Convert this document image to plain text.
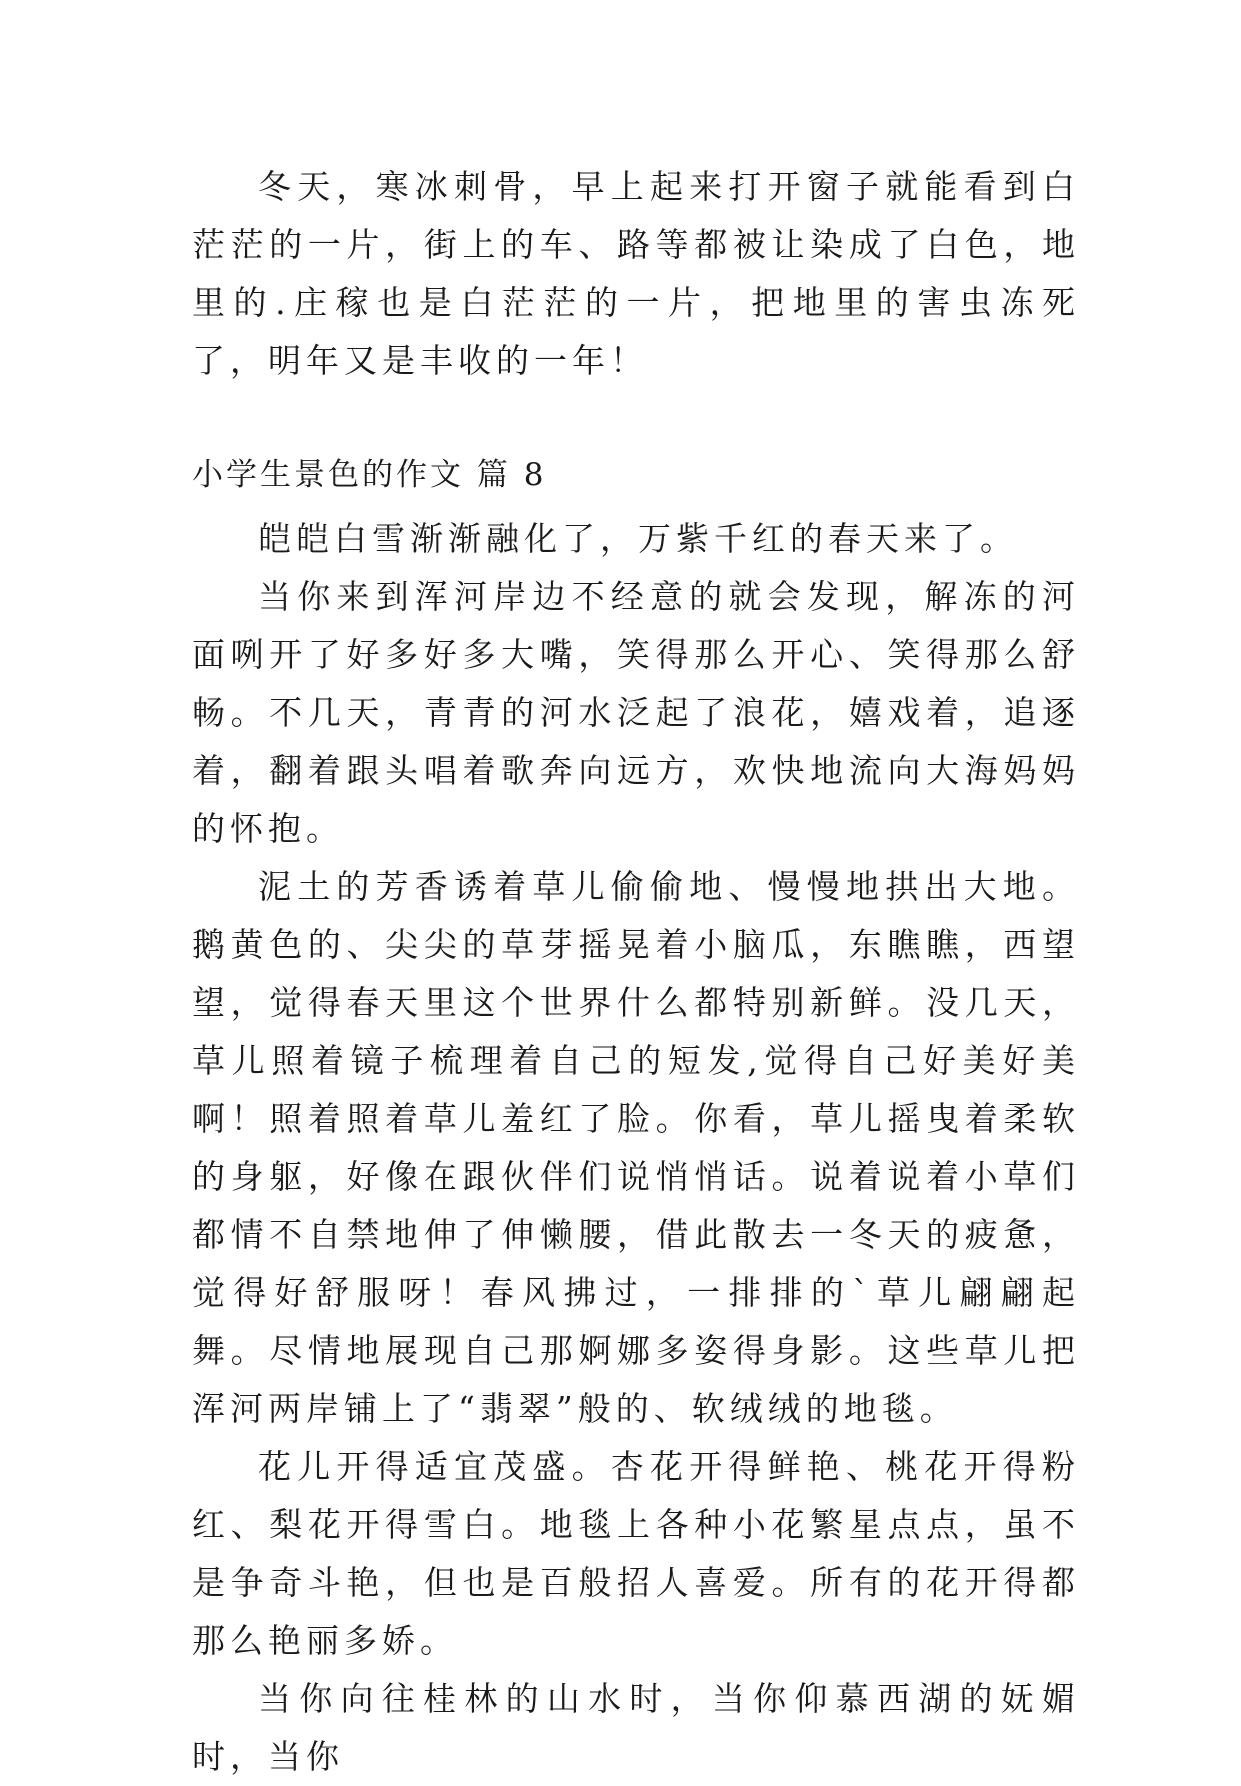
冬天，寒冰刺骨，早上起来打开窗子就能看到白茫茫的一片，街上的车、路等都被让染成了白色，地里的.庄稼也是白茫茫的一片，把地里的害虫冻死了，明年又是丰收的一年！

小学生景色的作文 篇 8

皑皑白雪渐渐融化了，万紫千红的春天来了。

当你来到浑河岸边不经意的就会发现，解冻的河面咧开了好多好多大嘴，笑得那么开心、笑得那么舒畅。不几天，青青的河水泛起了浪花，嬉戏着，追逐着，翻着跟头唱着歌奔向远方，欢快地流向大海妈妈的怀抱。

泥土的芳香诱着草儿偷偷地、慢慢地拱出大地。鹅黄色的、尖尖的草芽摇晃着小脑瓜，东瞧瞧，西望望，觉得春天里这个世界什么都特别新鲜。没几天，草儿照着镜子梳理着自己的短发,觉得自己好美好美啊！照着照着草儿羞红了脸。你看，草儿摇曳着柔软的身躯，好像在跟伙伴们说悄悄话。说着说着小草们都情不自禁地伸了伸懒腰，借此散去一冬天的疲惫，觉得好舒服呀！春风拂过，一排排的`草儿翩翩起舞。尽情地展现自己那婀娜多姿得身影。这些草儿把浑河两岸铺上了“翡翠”般的、软绒绒的地毯。

花儿开得适宜茂盛。杏花开得鲜艳、桃花开得粉红、梨花开得雪白。地毯上各种小花繁星点点，虽不是争奇斗艳，但也是百般招人喜爱。所有的花开得都那么艳丽多娇。

当你向往桂林的山水时，当你仰慕西湖的妩媚时，当你
